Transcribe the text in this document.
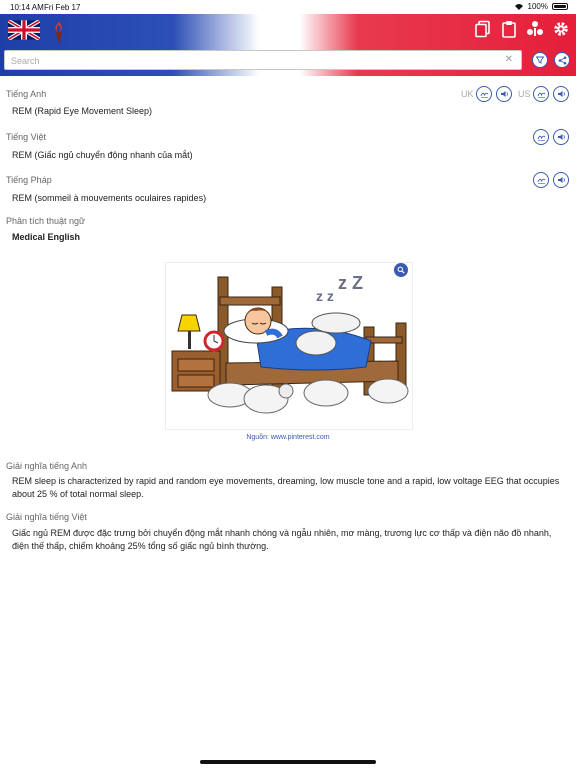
10:14 AM Fri Feb 17	100%
Search
✕
Tiếng Anh
REM (Rapid Eye Movement Sleep)
UK	US
Tiếng Việt
REM (Giấc ngủ chuyển động nhanh của mắt)
Tiếng Pháp
REM (sommeil à mouvements oculaires rapides)
Phân tích thuật ngữ
Medical English
z z
z Z
Nguồn: www.pinterest.com
Giải nghĩa tiếng Anh
REM sleep is characterized by rapid and random eye movements, dreaming, low muscle tone and a rapid, low voltage EEG that occupies about 25 % of total normal sleep.
Giải nghĩa tiếng Việt
Giấc ngủ REM được đặc trưng bởi chuyển động mắt nhanh chóng và ngẫu nhiên, mơ màng, trương lực cơ thấp và điện não đồ nhanh, điện thế thấp, chiếm khoảng 25% tổng số giấc ngủ bình thường.
